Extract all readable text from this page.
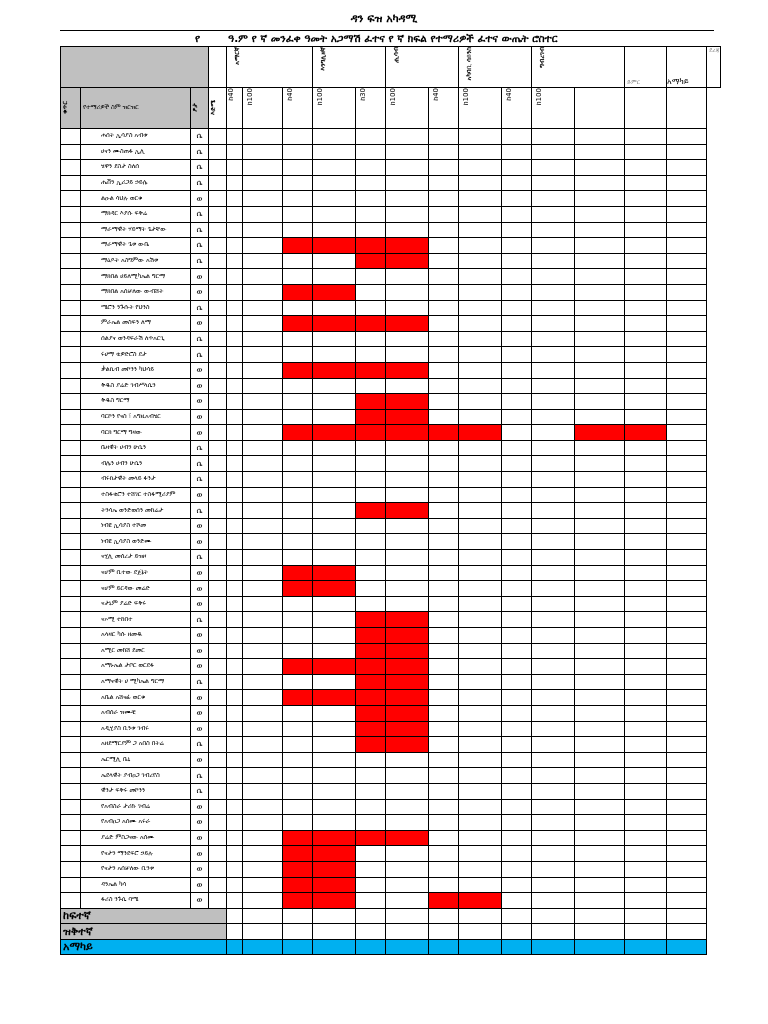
ዳን ፍዝ አካዳሚ
የ	ዓ.ም የ ኛ መንፈቀ ዓመት አጋማሽ ፈተና የ ኛ ክፍል የተማሪዎች ፈተና ውጤት ሮስተር
				አማርኛ			እንግሊዘኛ		ሒሳብ		አካባቢ ሳይንስ		ግብረገብ		ድምር	አማካይ	ደረጃ
ቁጥር	የተማሪዎች ስም ዝርዝር	ፆታ	እድሜ	ከ40	ከ100	ከ40	ከ100	ከ30	ከ100	ከ40	ከ100	ከ40	ከ100				
	ሐሰት ኢሳያስ አብቱ	ሴ															
	ሀናን ሙስጠፋ ኢሊ	ሴ															
	ሄዋን ደስታ ስለሰ	ሴ															
	ሔቨን ኢሪጋይ ኃይሌ	ሴ															
	ልዑል ሳህሉ ወርቁ	ወ															
	ማክዳር እያሱ ፍቅሬ	ሴ															
	ማራማዊት ሃይማት ጌታቸው	ሴ															
	ማራማዊት ጌቱ ውቤ	ሴ															
	ማዕዶት አስግምው አሽቱ	ሴ															
	ማክበል ሀይለሚካኤል ግርማ	ወ															
	ማክበል አሰቻለው ውብሸት	ወ															
	ሜሮን ንጉሱት የህንስ	ሴ															
	ምራኤል መስፍን ለማ	ወ															
	ሰልያና ወንዳፍራሽ ለጥአርጊ	ሴ															
	ሩሀማ ቴዎድሮስ ደታ	ሴ															
	ቃልኪብ መኮንን ካህሳይ	ወ															
	ቅዱስ ያሬድ ገብሥላሴን	ወ															
	ቅዱስ ግርማ	ወ															
	ባርኮን የናስ ፣ አግዚአብሄር	ወ															
	ባርክ ግርማ ግዛው	ወ															
	ቤዛዊት ሀብን ሁሴን	ሴ															
	ብሌን ሀብን ሁሴን	ሴ															
	ብሩክታዊት መላይ ፋንታ	ሴ															
	ተስፋቂሮን ተሸገር ተስፋሚሪያም	ወ															
	ትንሳኤ ወንድወሰን መከሬታ	ሴ															
	ነብዩ ኢሳያስ ተሾመ	ወ															
	ነብዩ ኢሳያስ ወንድሙ	ወ															
	ናሂሊ መሰረታ ይዝዞ	ሴ															
	ናሆም ቢተው ደጀኔት	ወ															
	ናሆም ይርዳው መሬድ	ወ															
	ናታኒም ያሬድ ፍቅሩ	ወ															
	ናኦሚ ተከበተ	ሴ															
	አላዛር ካሱ ዘመዱ	ወ															
	አሚር መከሸ ደመር	ወ															
	አማኑኤል ታቦር ወርደፋ	ወ															
	አማናዊት ሀ ሚካኤል ግርማ	ሴ															
	አቤል አሸናፊ ወርቁ	ወ															
	አብሰራ ዝሙቺ	ወ															
	አዲሂያስ ቢንቱ ገብሩ	ወ															
	አዘደማርያም ጋ አበስ በትሬ	ሴ															
	ኤርሚሊ ቤኒ	ወ															
	ኤደላዊት ያብዐጋ ገብረየስ	ሴ															
	ዊንታ ፍቅሩ መኮንን	ሴ															
	የአብስራ ታሪኩ ገብሬ	ወ															
	የአብዐጋ አሰሙ አሩራ	ወ															
	ያሬድ ምስጋናው አሰሙ	ወ															
	የናታን ማንደፍሮ ኃይሉ	ወ															
	የናታን አሰቻለው ቢንቱ	ወ															
	ዳንኤል ካሳ	ወ															
	ፋሪስ ንጉሴ ባሜ	ወ															
ከፍተኛ																	
ዝቅተኛ																	
አማካይ																	
